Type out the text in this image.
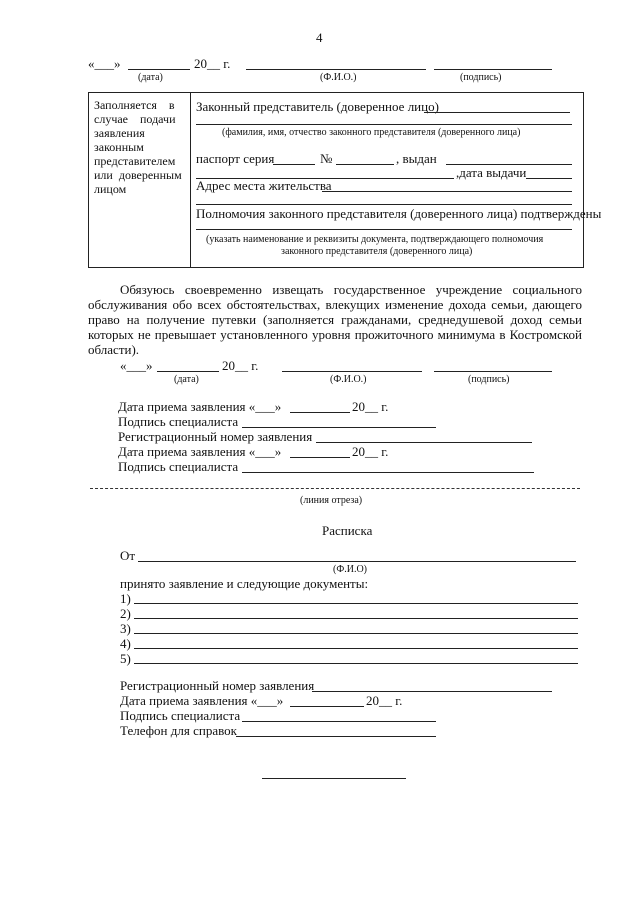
4
«___»	20__ г.
(дата)	(Ф.И.О.)	(подпись)
Заполняется    в
случае    подачи
заявления
законным
представителем
или  доверенным
лицом
Законный представитель (доверенное лицо)
(фамилия, имя, отчество законного представителя (доверенного лица)
паспорт серия	№	, выдан
,дата выдачи
Адрес места жительства
Полномочия законного представителя (доверенного лица) подтверждены
(указать наименование и реквизиты документа, подтверждающего полномочия
законного представителя (доверенного лица)
Обязуюсь своевременно извещать государственное учреждение социального
обслуживания обо всех обстоятельствах, влекущих изменение дохода семьи, дающего
право на получение путевки (заполняется гражданами, среднедушевой доход семьи
которых не превышает установленного уровня прожиточного минимума в Костромской
области).
«___»	20__ г.
(дата)	(Ф.И.О.)	(подпись)
Дата приема заявления «___»	20__ г.
Подпись специалиста
Регистрационный номер заявления
Дата приема заявления «___»	20__ г.
Подпись специалиста
(линия отреза)
Расписка
От
(Ф.И.О)
принято заявление и следующие документы:
1)
2)
3)
4)
5)
Регистрационный номер заявления
Дата приема заявления «___»	20__ г.
Подпись специалиста
Телефон для справок
